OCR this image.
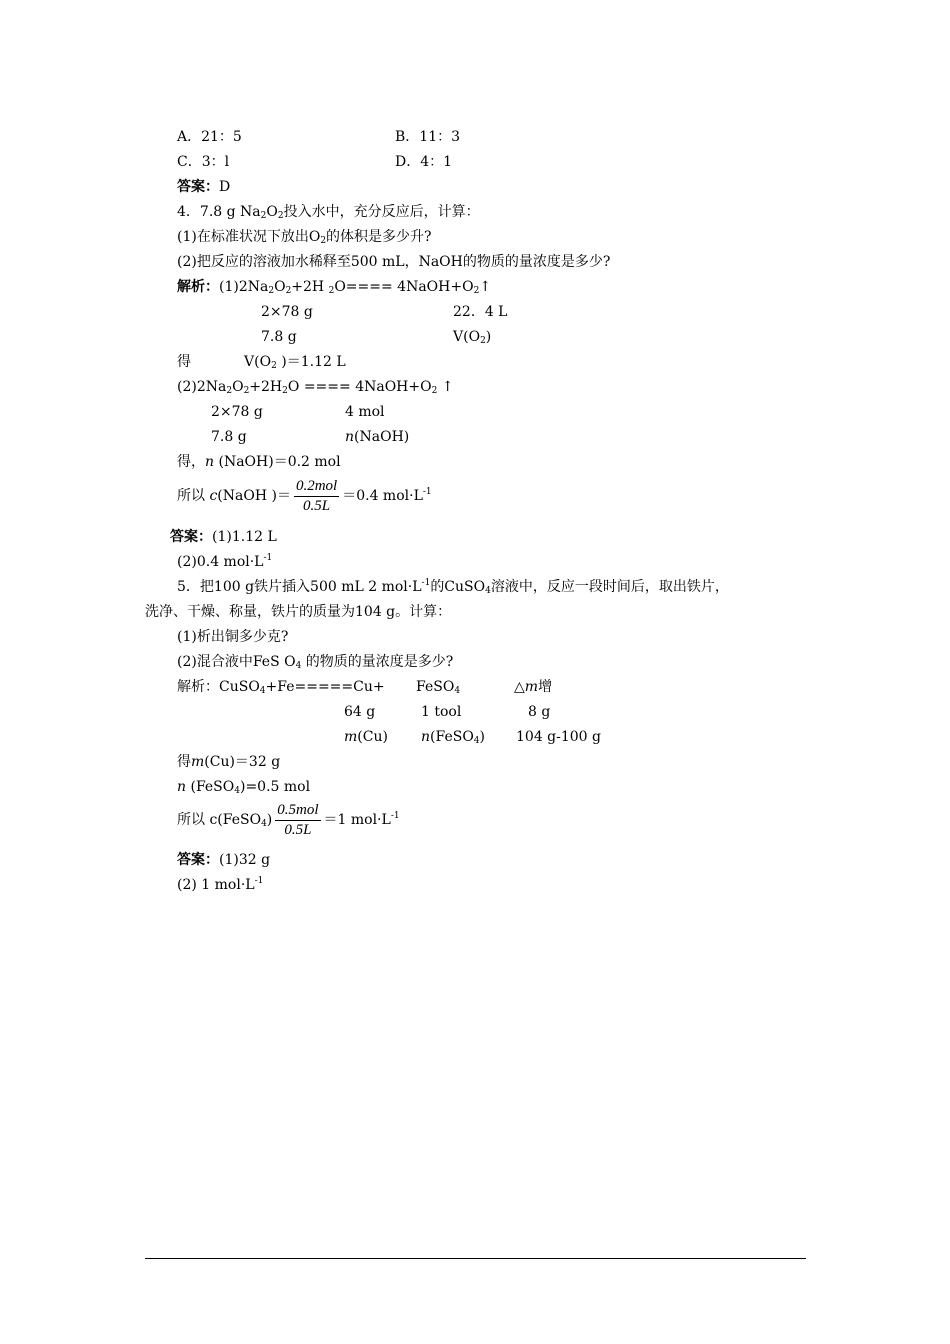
A．21：5	B．11：3
C．3：l	D．4：1
答案：D
4．7.8 g $Na_2O_2$投入水中，充分反应后，计算：
(1)在标准状况下放出$O_2$的体积是多少升?
(2)把反应的溶液加水稀释至500 mL，NaOH的物质的量浓度是多少?
解析：$(1)2Na_2O_2+2H$ $_2O==== 4NaOH+O_2↑$
2×78 g	22．4 L
7.8 g	$V(O_2)$
得	$V(O_2$ )＝1.12 L
$(2)2Na_2O_2+2H_2O$ ==== $4NaOH+O_2$ ↑
2×78 g	4 mol
7.8 g	n(NaOH)
得，n (NaOH)＝0.2 mol
所以 c(NaOH )＝ $\frac{\text{0.2mol}}{0.5L} =0.4$ $mol\cdot L^{-1}$
答案：(1)1.12 L
(2)0.4 $mol\cdot L^{-1}$
5．把100 g铁片插入500 mL 2 $mol\cdot L^{-1}$的CuSO$_4$溶液中，反应一段时间后，取出铁片，
洗净、干燥、称量，铁片的质量为104 g。计算：
(1)析出铜多少克?
(2)混合液中FeS $O_4$ 的物质的量浓度是多少?
解析：CuSO$_4$+Fe=====Cu+ FeSO$_4$	△m增
64 g	1 tool	8 g
m(Cu) n(FeSO$_4$) 104 g-100 g
得m(Cu)＝32 g
n (FeSO$_4$)=0.5 mol
所以 c(FeSO$_4$) $\frac{\text{0.5mol}}{0.5L} =1$ $mol\cdot L^{-1}$
答案：(1)32 g
(2) 1 $mol\cdot L^{-1}$
